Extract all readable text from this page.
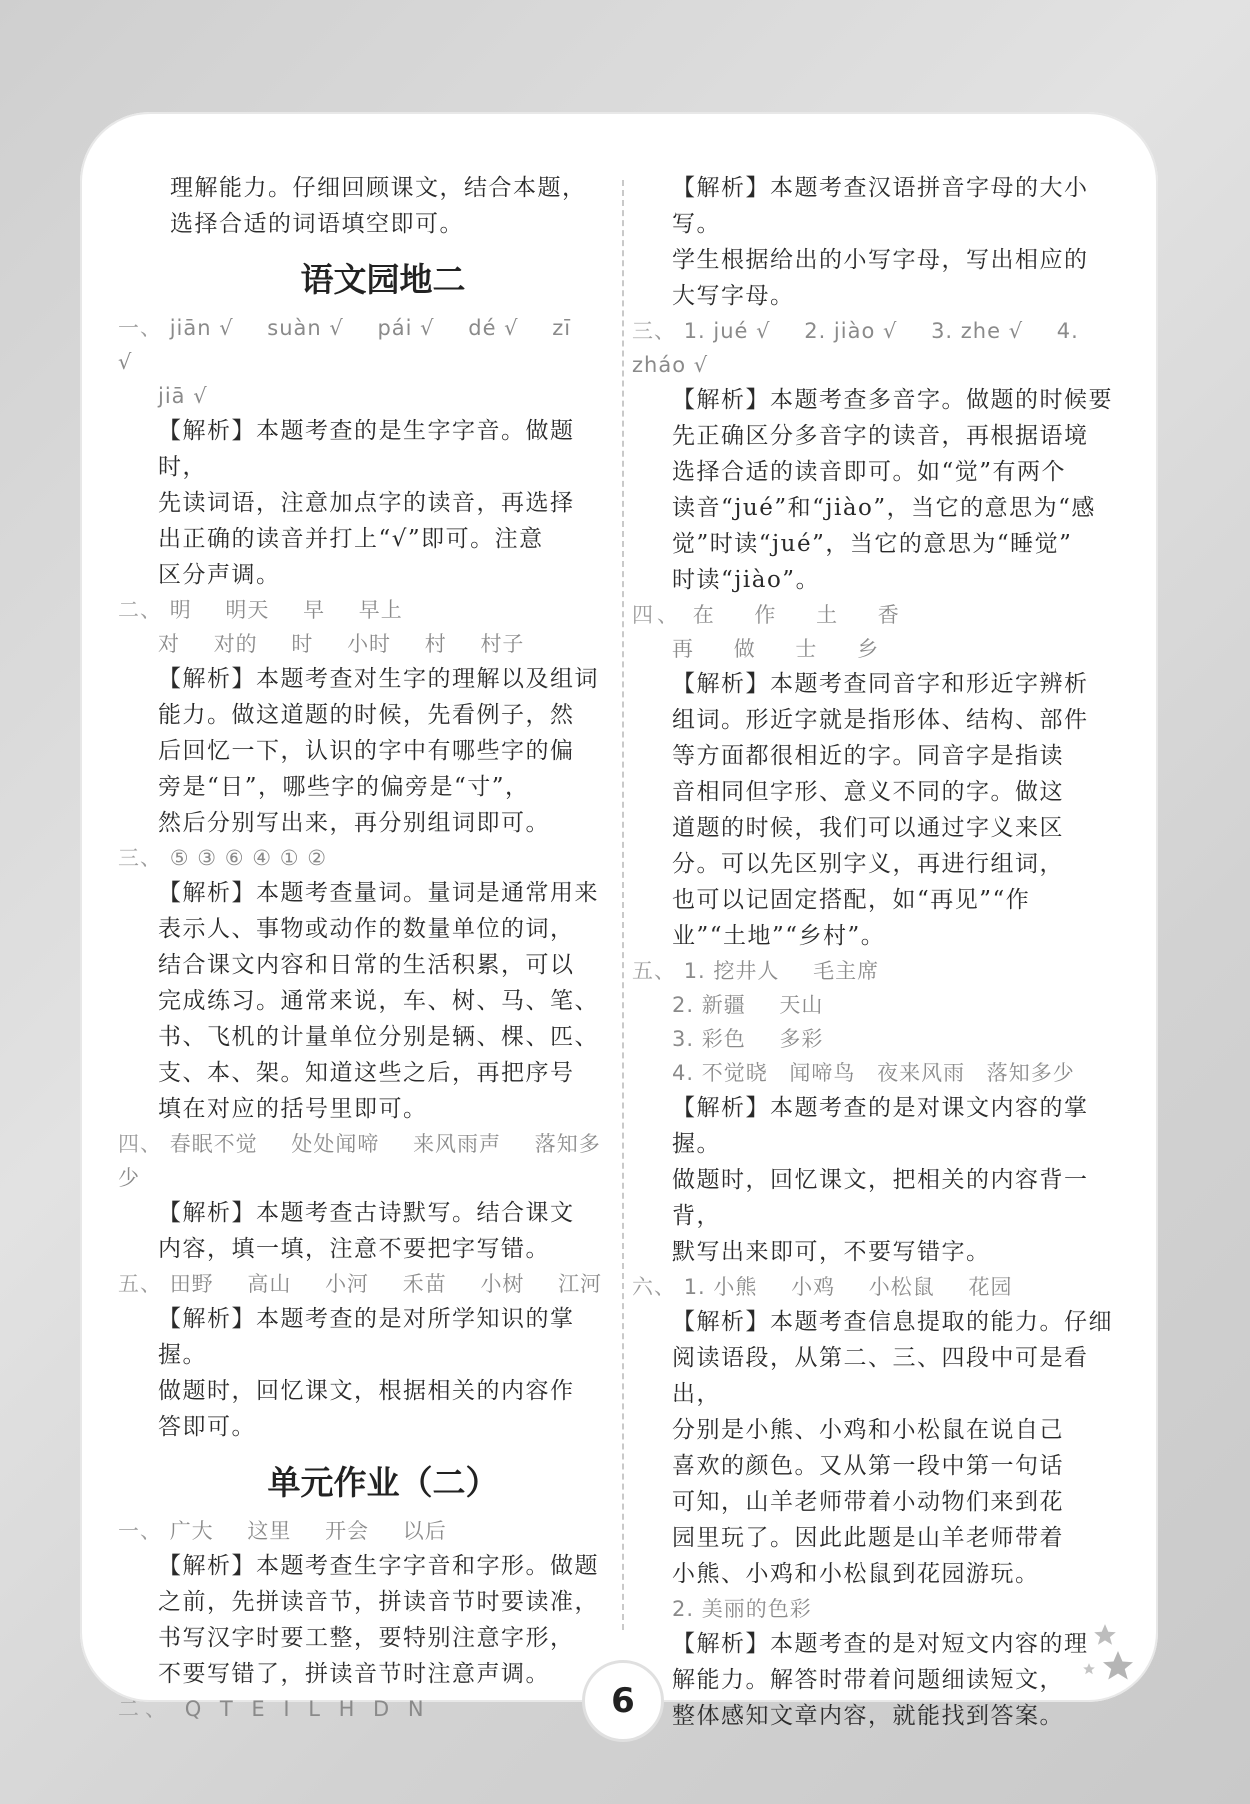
理解能力。仔细回顾课文，结合本题，
选择合适的词语填空即可。
语文园地二
一、 jiān √ suàn √ pái √ dé √ zī √
jiā √
【解析】本题考查的是生字字音。做题时，
先读词语，注意加点字的读音，再选择
出正确的读音并打上“√”即可。注意
区分声调。
二、 明 明天 早 早上
对 对的 时 小时 村 村子
【解析】本题考查对生字的理解以及组词
能力。做这道题的时候，先看例子，然
后回忆一下，认识的字中有哪些字的偏
旁是“日”，哪些字的偏旁是“寸”，
然后分别写出来，再分别组词即可。
三、 ⑤ ③ ⑥ ④ ① ②
【解析】本题考查量词。量词是通常用来
表示人、事物或动作的数量单位的词，
结合课文内容和日常的生活积累，可以
完成练习。通常来说，车、树、马、笔、
书、飞机的计量单位分别是辆、棵、匹、
支、本、架。知道这些之后，再把序号
填在对应的括号里即可。
四、 春眠不觉 处处闻啼 来风雨声 落知多少
【解析】本题考查古诗默写。结合课文
内容，填一填，注意不要把字写错。
五、 田野 高山 小河 禾苗 小树 江河
【解析】本题考查的是对所学知识的掌握。
做题时，回忆课文，根据相关的内容作
答即可。
单元作业（二）
一、 广大 这里 开会 以后
【解析】本题考查生字字音和字形。做题
之前，先拼读音节，拼读音节时要读准，
书写汉字时要工整，要特别注意字形，
不要写错了，拼读音节时注意声调。
二、 Q T E I L H D N
【解析】本题考查汉语拼音字母的大小写。
学生根据给出的小写字母，写出相应的
大写字母。
三、 1. jué √ 2. jiào √ 3. zhe √ 4. zháo √
【解析】本题考查多音字。做题的时候要
先正确区分多音字的读音，再根据语境
选择合适的读音即可。如“觉”有两个
读音“jué”和“jiào”，当它的意思为“感
觉”时读“jué”，当它的意思为“睡觉”
时读“jiào”。
四、 在 作 土 香
再 做 士 乡
【解析】本题考查同音字和形近字辨析
组词。形近字就是指形体、结构、部件
等方面都很相近的字。同音字是指读
音相同但字形、意义不同的字。做这
道题的时候，我们可以通过字义来区
分。可以先区别字义，再进行组词，
也可以记固定搭配，如“再见”“作
业”“土地”“乡村”。
五、 1. 挖井人 毛主席
2. 新疆 天山
3. 彩色 多彩
4. 不觉晓 闻啼鸟 夜来风雨 落知多少
【解析】本题考查的是对课文内容的掌握。
做题时，回忆课文，把相关的内容背一背，
默写出来即可，不要写错字。
六、 1. 小熊 小鸡 小松鼠 花园
【解析】本题考查信息提取的能力。仔细
阅读语段，从第二、三、四段中可是看出，
分别是小熊、小鸡和小松鼠在说自己
喜欢的颜色。又从第一段中第一句话
可知，山羊老师带着小动物们来到花
园里玩了。因此此题是山羊老师带着
小熊、小鸡和小松鼠到花园游玩。
2. 美丽的色彩
【解析】本题考查的是对短文内容的理
解能力。解答时带着问题细读短文，
整体感知文章内容，就能找到答案。
6
